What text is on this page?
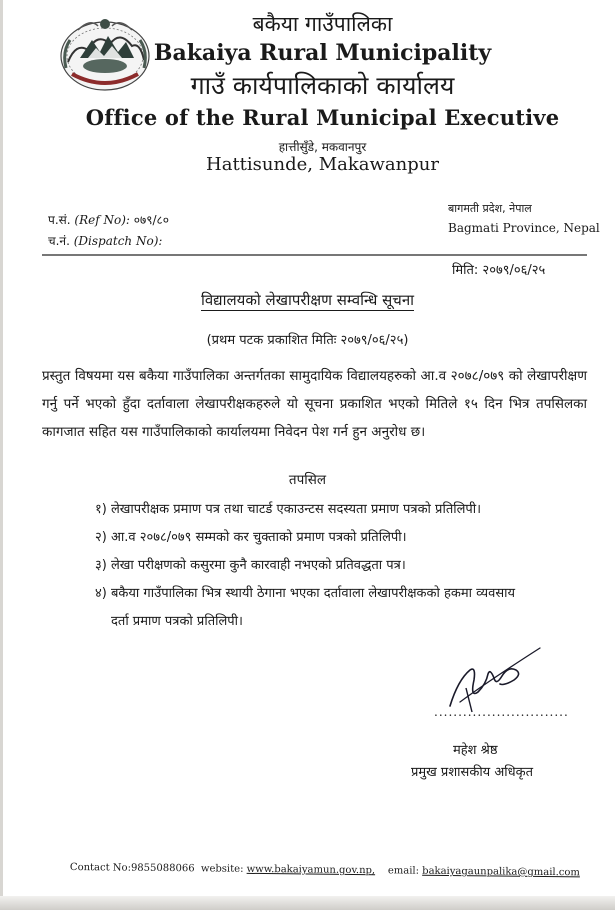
बकैया गाउँपालिका
Bakaiya Rural Municipality
गाउँ कार्यपालिकाको कार्यालय
Office of the Rural Municipal Executive
हात्तीसुँडे, मकवानपुर
Hattisunde, Makawanpur
प.सं. (Ref No): ०७९/८०
च.नं. (Dispatch No):
बागमती प्रदेश, नेपाल
Bagmati Province, Nepal
मिति: २०७९/०६/२५
विद्यालयको लेखापरीक्षण सम्वन्धि सूचना
(प्रथम पटक प्रकाशित मितिः २०७९/०६/२५)
प्रस्तुत विषयमा यस बकैया गाउँपालिका अन्तर्गतका सामुदायिक विद्यालयहरुको आ.व २०७८/०७९ को लेखापरीक्षण गर्नु पर्ने भएको हुँदा दर्तावाला लेखापरीक्षकहरुले यो सूचना प्रकाशित भएको मितिले १५ दिन भित्र तपसिलका कागजात सहित यस गाउँपालिकाको कार्यालयमा निवेदन पेश गर्न हुन अनुरोध छ।
तपसिल
१) लेखापरीक्षक प्रमाण पत्र तथा चाटर्ड एकाउन्टस सदस्यता प्रमाण पत्रको प्रतिलिपी।
२) आ.व २०७८/०७९ सम्मको कर चुक्ताको प्रमाण पत्रको प्रतिलिपी।
३) लेखा परीक्षणको कसुरमा कुनै कारवाही नभएको प्रतिवद्धता पत्र।
४) बकैया गाउँपालिका भित्र स्थायी ठेगाना भएका दर्तावाला लेखापरीक्षकको हकमा व्यवसाय
दर्ता प्रमाण पत्रको प्रतिलिपी।
............................
महेश श्रेष्ठ
प्रमुख प्रशासकीय अधिकृत
Contact No:9855088066 website: www.bakaiyamun.gov.np, email: bakaiyagaunpalika@gmail.com
